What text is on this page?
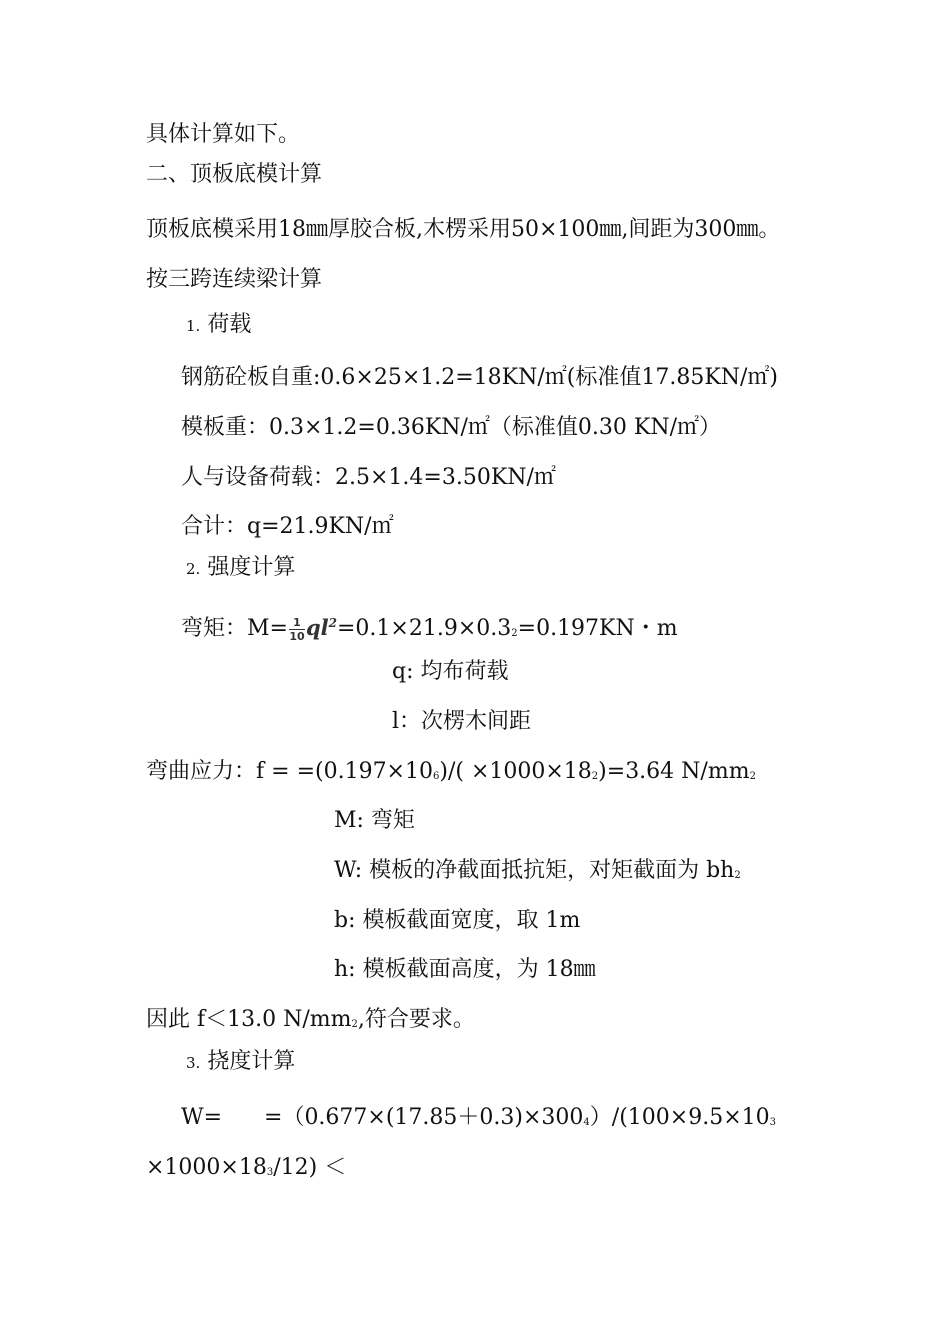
具体计算如下。
二、顶板底模计算
顶板底模采用18㎜厚胶合板,木楞采用50×100㎜,间距为300㎜。
按三跨连续梁计算
1. 荷载
钢筋砼板自重:0.6×25×1.2=18KN/㎡(标准值17.85KN/㎡)
模板重：0.3×1.2=0.36KN/㎡（标准值0.30 KN/㎡）
人与设备荷载：2.5×1.4=3.50KN/㎡
合计：q=21.9KN/㎡
2. 强度计算
弯矩：$M= \frac{1}{10} ql^2=0.1\times 21.9\times 0.32=0.197KN$・m
q: 均布荷载
l：次楞木间距
弯曲应力：f = =(0.197×106)/( ×1000×182)=3.64 N/mm2
M: 弯矩
W: 模板的净截面抵抗矩，对矩截面为 bh2
b: 模板截面宽度，取 1m
h: 模板截面高度，为 18㎜
因此 f＜13.0 N/mm2,符合要求。
3. 挠度计算
W=      =（0.677×(17.85＋0.3)×3004）/(100×9.5×103
×1000×183/12) ＜
